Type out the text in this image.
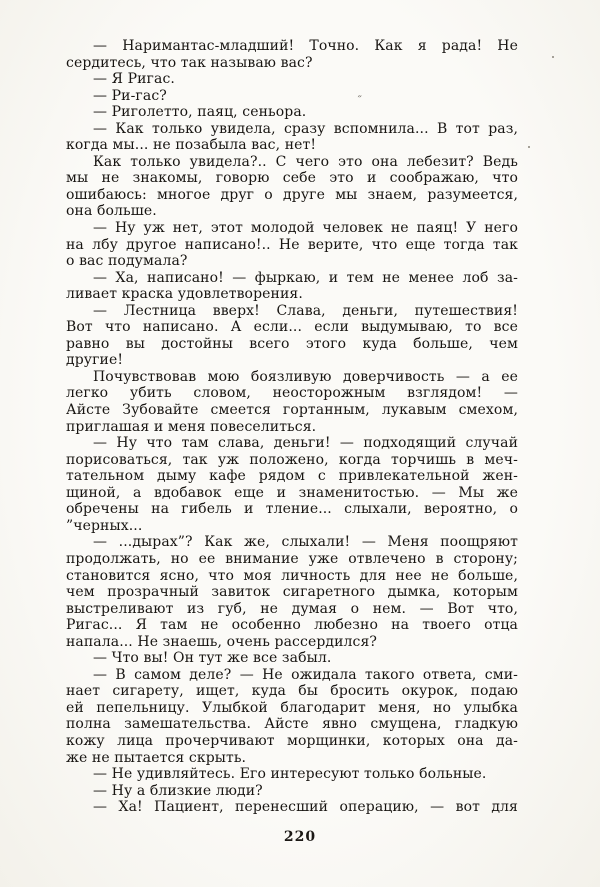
— Наримантас-младший! Точно. Как я рада! Не
сердитесь, что так называю вас?
— Я Ригас.
— Ри-гас?
— Риголетто, паяц, сеньора.
— Как только увидела, сразу вспомнила... В тот раз,
когда мы... не позабыла вас, нет!
Как только увидела?.. С чего это она лебезит? Ведь
мы не знакомы, говорю себе это и соображаю, что
ошибаюсь: многое друг о друге мы знаем, разумеется,
она больше.
— Ну уж нет, этот молодой человек не паяц! У него
на лбу другое написано!.. Не верите, что еще тогда так
о вас подумала?
— Ха, написано! — фыркаю, и тем не менее лоб за-
ливает краска удовлетворения.
— Лестница вверх! Слава, деньги, путешествия!
Вот что написано. А если... если выдумываю, то все
равно вы достойны всего этого куда больше, чем
другие!
Почувствовав мою боязливую доверчивость — а ее
легко убить словом, неосторожным взглядом! —
Айсте Зубовайте смеется гортанным, лукавым смехом,
приглашая и меня повеселиться.
— Ну что там слава, деньги! — подходящий случай
порисоваться, так уж положено, когда торчишь в меч-
тательном дыму кафе рядом с привлекательной жен-
щиной, а вдобавок еще и знаменитостью. — Мы же
обречены на гибель и тление... слыхали, вероятно, о
”черных...
— ...дырах”? Как же, слыхали! — Меня поощряют
продолжать, но ее внимание уже отвлечено в сторону;
становится ясно, что моя личность для нее не больше,
чем прозрачный завиток сигаретного дымка, которым
выстреливают из губ, не думая о нем. — Вот что,
Ригас... Я там не особенно любезно на твоего отца
напала... Не знаешь, очень рассердился?
— Что вы! Он тут же все забыл.
— В самом деле? — Не ожидала такого ответа, сми-
нает сигарету, ищет, куда бы бросить окурок, подаю
ей пепельницу. Улыбкой благодарит меня, но улыбка
полна замешательства. Айсте явно смущена, гладкую
кожу лица прочерчивают морщинки, которых она да-
же не пытается скрыть.
— Не удивляйтесь. Его интересуют только больные.
— Ну а близкие люди?
— Ха! Пациент, перенесший операцию, — вот для
220
˝
